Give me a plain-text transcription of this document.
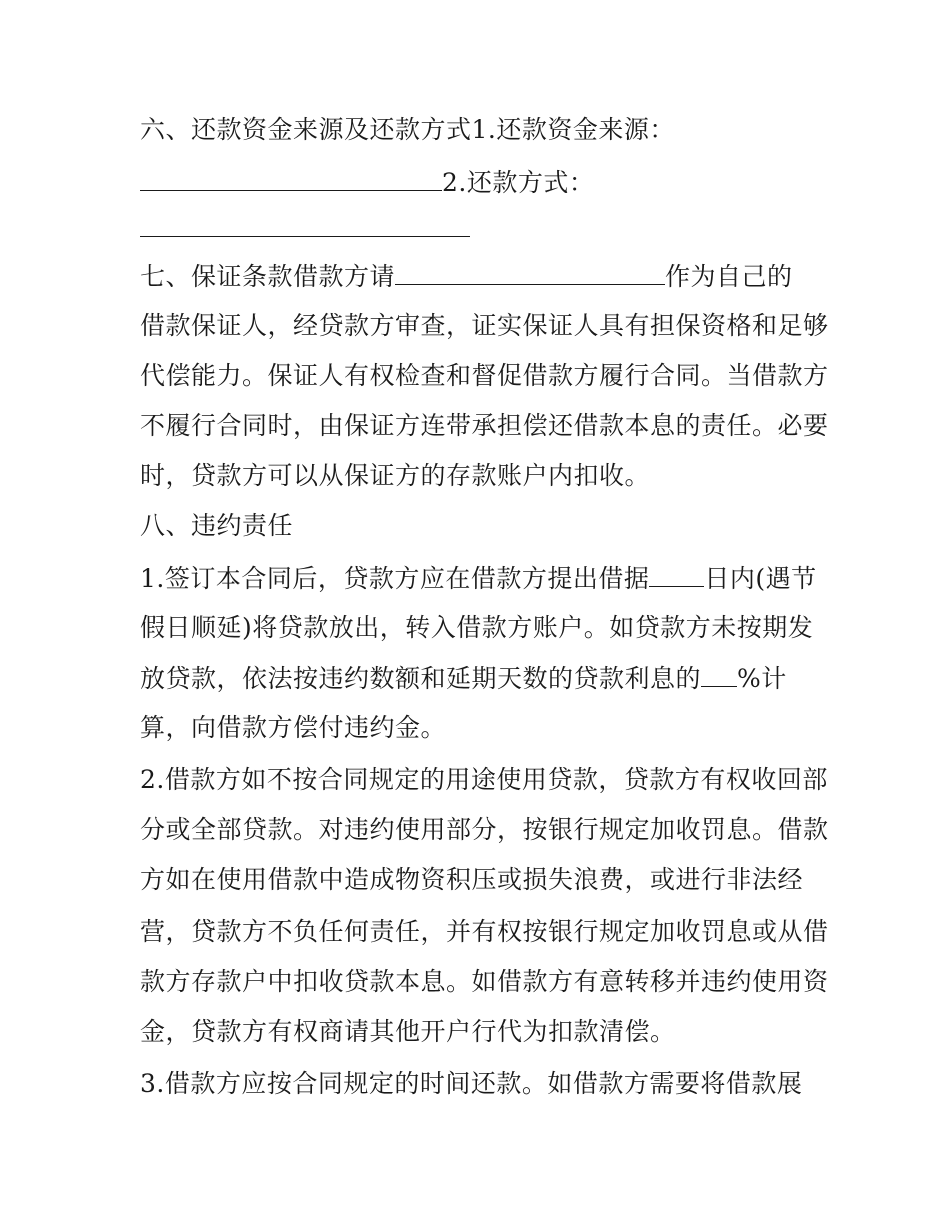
六、还款资金来源及还款方式1.还款资金来源：
2.还款方式：
七、保证条款借款方请	作为自己的
借款保证人，经贷款方审查，证实保证人具有担保资格和足够
代偿能力。保证人有权检查和督促借款方履行合同。当借款方
不履行合同时，由保证方连带承担偿还借款本息的责任。必要
时，贷款方可以从保证方的存款账户内扣收。
八、违约责任
1.签订本合同后，贷款方应在借款方提出借据 日内(遇节
假日顺延)将贷款放出，转入借款方账户。如贷款方未按期发
放贷款，依法按违约数额和延期天数的贷款利息的 %计
算，向借款方偿付违约金。
2.借款方如不按合同规定的用途使用贷款，贷款方有权收回部
分或全部贷款。对违约使用部分，按银行规定加收罚息。借款
方如在使用借款中造成物资积压或损失浪费，或进行非法经
营，贷款方不负任何责任，并有权按银行规定加收罚息或从借
款方存款户中扣收贷款本息。如借款方有意转移并违约使用资
金，贷款方有权商请其他开户行代为扣款清偿。
3.借款方应按合同规定的时间还款。如借款方需要将借款展
